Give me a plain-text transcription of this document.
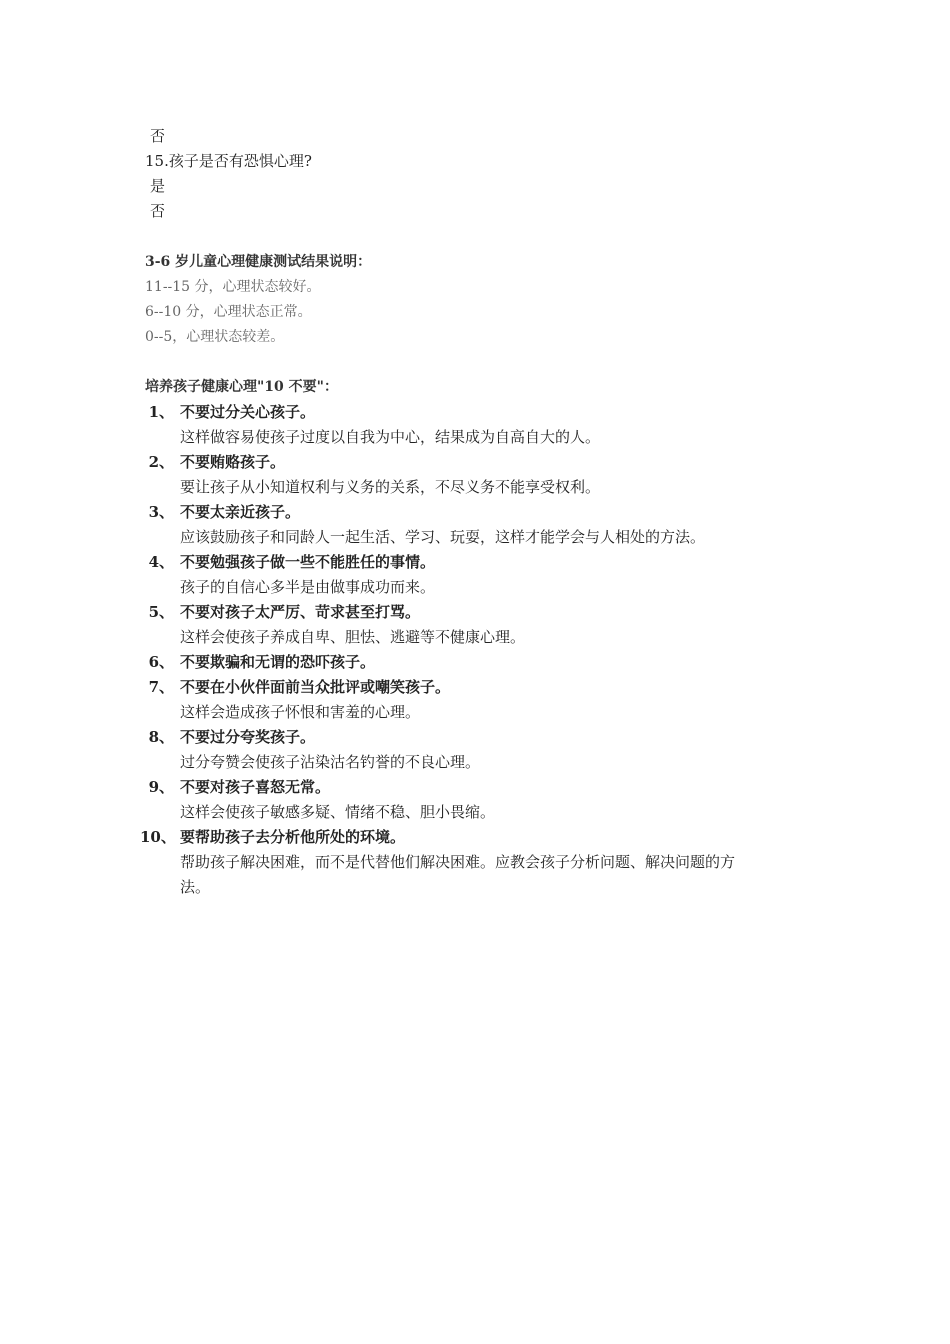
否
15.孩子是否有恐惧心理?
是
否
3-6 岁儿童心理健康测试结果说明：
11--15 分，心理状态较好。
6--10 分，心理状态正常。
0--5，心理状态较差。
培养孩子健康心理"10 不要"：
1、 不要过分关心孩子。
这样做容易使孩子过度以自我为中心，结果成为自高自大的人。
2、 不要贿赂孩子。
要让孩子从小知道权利与义务的关系，不尽义务不能享受权利。
3、 不要太亲近孩子。
应该鼓励孩子和同龄人一起生活、学习、玩耍，这样才能学会与人相处的方法。
4、 不要勉强孩子做一些不能胜任的事情。
孩子的自信心多半是由做事成功而来。
5、 不要对孩子太严厉、苛求甚至打骂。
这样会使孩子养成自卑、胆怯、逃避等不健康心理。
6、 不要欺骗和无谓的恐吓孩子。
7、 不要在小伙伴面前当众批评或嘲笑孩子。
这样会造成孩子怀恨和害羞的心理。
8、 不要过分夸奖孩子。
过分夸赞会使孩子沾染沽名钓誉的不良心理。
9、 不要对孩子喜怒无常。
这样会使孩子敏感多疑、情绪不稳、胆小畏缩。
10、 要帮助孩子去分析他所处的环境。
帮助孩子解决困难，而不是代替他们解决困难。应教会孩子分析问题、解决问题的方
法。
